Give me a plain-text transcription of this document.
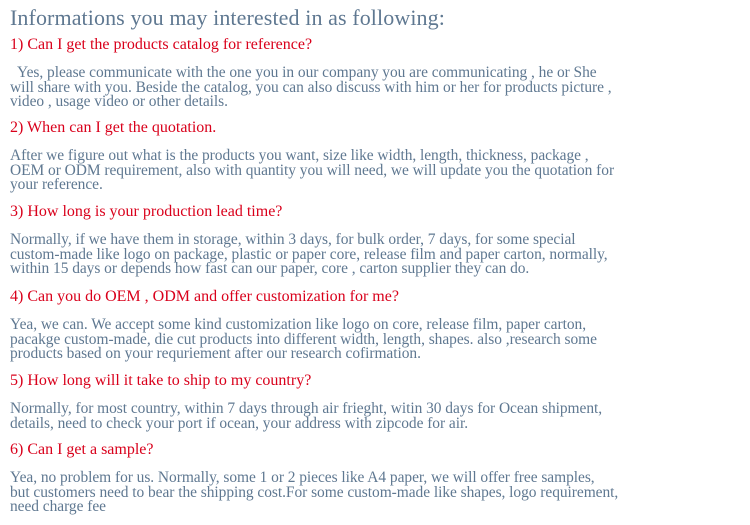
Informations you may interested in as following:

1) Can I get the products catalog for reference?

Yes, please communicate with the one you in our company you are communicating , he or She will share with you. Beside the catalog, you can also discuss with him or her for products picture , video , usage video or other details.

2) When can I get the quotation.

After we figure out what is the products you want, size like width, length, thickness, package , OEM or ODM requirement, also with quantity you will need, we will update you the quotation for your reference.

3) How long is your production lead time?

Normally, if we have them in storage, within 3 days, for bulk order, 7 days, for some special custom-made like logo on package, plastic or paper core, release film and paper carton, normally, within 15 days or depends how fast can our paper, core , carton supplier they can do.

4) Can you do OEM , ODM and offer customization for me?

Yea, we can. We accept some kind customization like logo on core, release film, paper carton, pacakge custom-made, die cut products into different width, length, shapes. also ,research some products based on your requriement after our research cofirmation.

5) How long will it take to ship to my country?

Normally, for most country, within 7 days through air frieght, witin 30 days for Ocean shipment, details, need to check your port if ocean, your address with zipcode for air.

6) Can I get a sample?

Yea, no problem for us. Normally, some 1 or 2 pieces like A4 paper, we will offer free samples, but customers need to bear the shipping cost.For some custom-made like shapes, logo requirement, need charge fee
